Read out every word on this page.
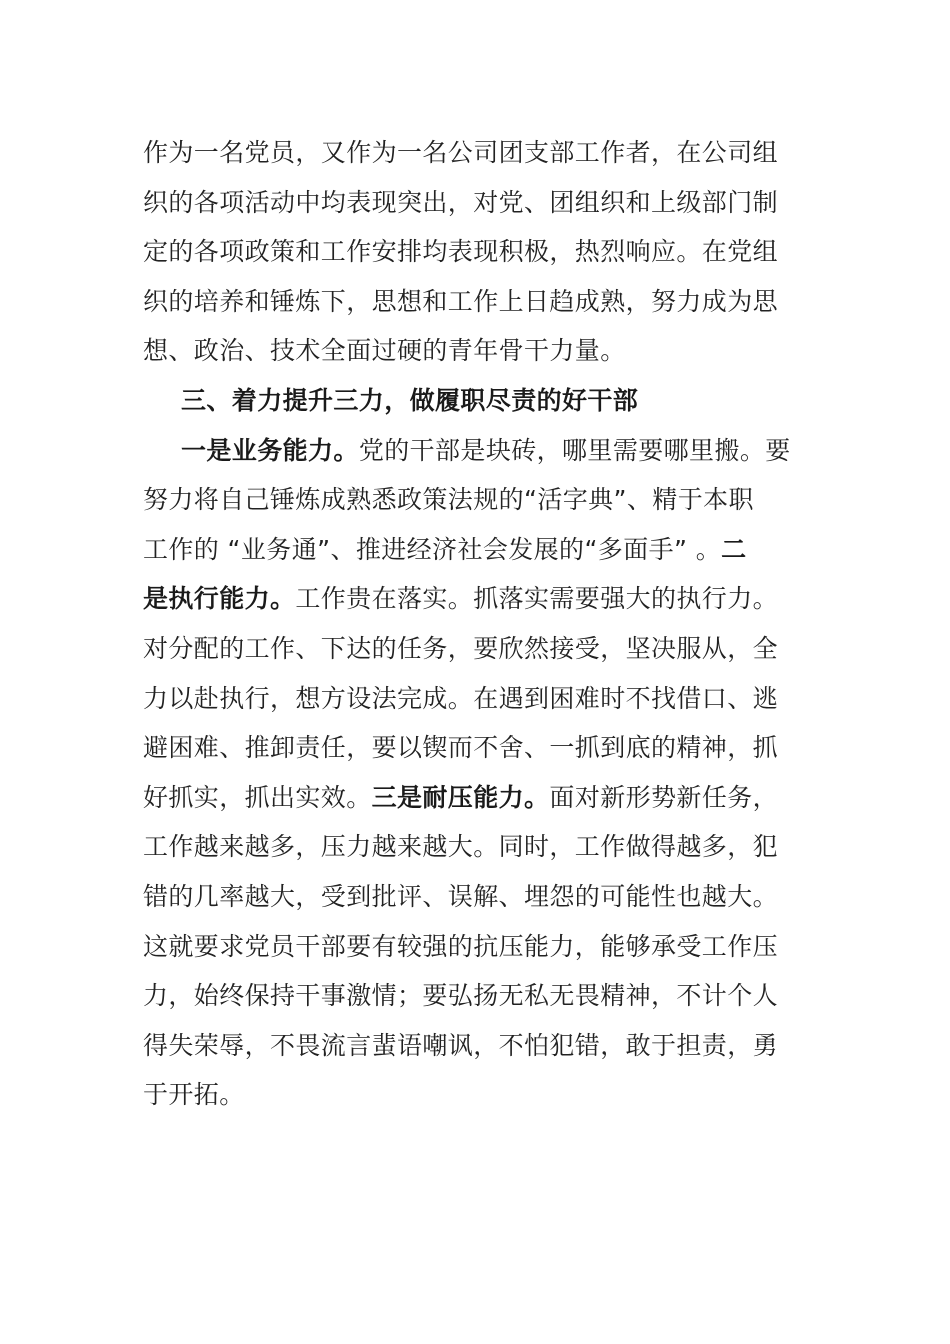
作为一名党员，又作为一名公司团支部工作者，在公司组
织的各项活动中均表现突出，对党、团组织和上级部门制
定的各项政策和工作安排均表现积极，热烈响应。在党组
织的培养和锤炼下，思想和工作上日趋成熟，努力成为思
想、政治、技术全面过硬的青年骨干力量。
三、着力提升三力，做履职尽责的好干部
一是业务能力。党的干部是块砖，哪里需要哪里搬。要
努力将自己锤炼成熟悉政策法规的“活字典”、精于本职
工作的 “业务通”、推进经济社会发展的“多面手” 。二
是执行能力。工作贵在落实。抓落实需要强大的执行力。
对分配的工作、下达的任务，要欣然接受，坚决服从，全
力以赴执行，想方设法完成。在遇到困难时不找借口、逃
避困难、推卸责任，要以锲而不舍、一抓到底的精神，抓
好抓实，抓出实效。三是耐压能力。面对新形势新任务，
工作越来越多，压力越来越大。同时，工作做得越多，犯
错的几率越大，受到批评、误解、埋怨的可能性也越大。
这就要求党员干部要有较强的抗压能力，能够承受工作压
力，始终保持干事激情；要弘扬无私无畏精神，不计个人
得失荣辱，不畏流言蜚语嘲讽，不怕犯错，敢于担责，勇
于开拓。
